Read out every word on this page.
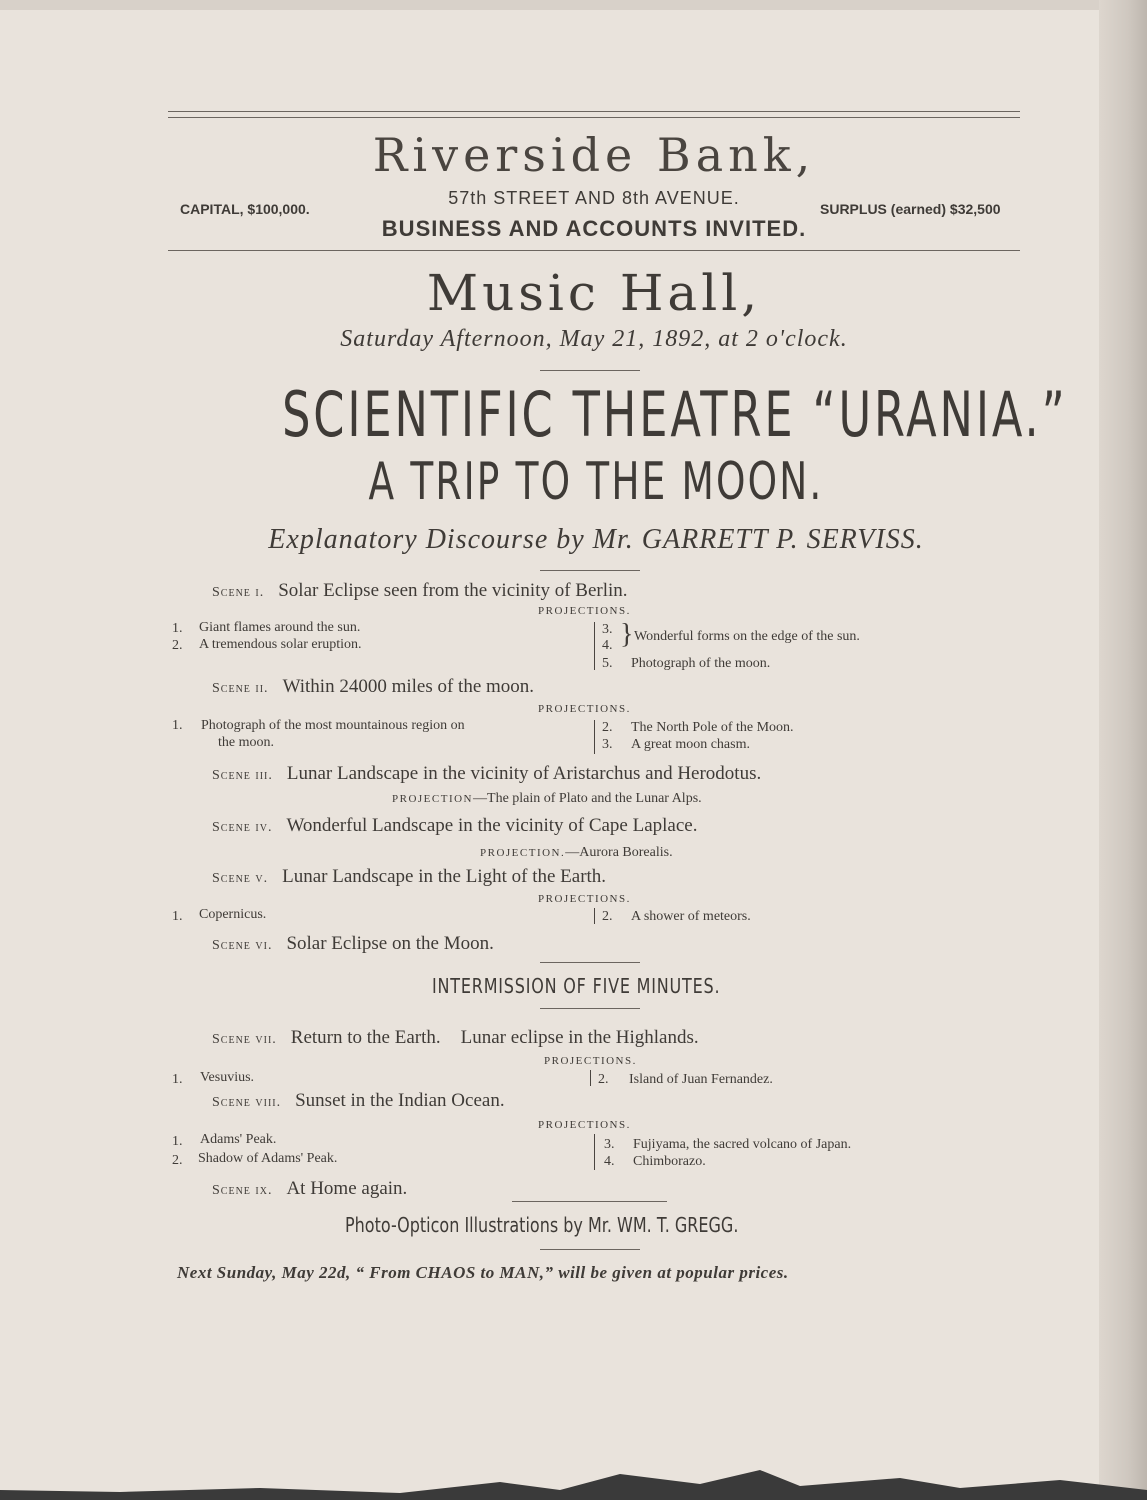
Riverside Bank,
57th STREET AND 8th AVENUE.
CAPITAL, $100,000.	SURPLUS (earned) $32,500
BUSINESS AND ACCOUNTS INVITED.
Music Hall,
Saturday Afternoon, May 21, 1892, at 2 o'clock.
SCIENTIFIC THEATRE “URANIA.”
A TRIP TO THE MOON.
Explanatory Discourse by Mr. GARRETT P. SERVISS.
Scene i. Solar Eclipse seen from the vicinity of Berlin.
PROJECTIONS.
1. Giant flames around the sun.
2. A tremendous solar eruption.
3.
4. } Wonderful forms on the edge of the sun.
5. Photograph of the moon.
Scene ii. Within 24000 miles of the moon.
PROJECTIONS.
1. Photograph of the most mountainous region on
the moon.
2. The North Pole of the Moon.
3. A great moon chasm.
Scene iii. Lunar Landscape in the vicinity of Aristarchus and Herodotus.
PROJECTION—The plain of Plato and the Lunar Alps.
Scene iv. Wonderful Landscape in the vicinity of Cape Laplace.
PROJECTION.—Aurora Borealis.
Scene v. Lunar Landscape in the Light of the Earth.
PROJECTIONS.
1. Copernicus.	2. A shower of meteors.
Scene vi. Solar Eclipse on the Moon.
INTERMISSION OF FIVE MINUTES.
Scene vii. Return to the Earth. Lunar eclipse in the Highlands.
PROJECTIONS.
1. Vesuvius.	2. Island of Juan Fernandez.
Scene viii. Sunset in the Indian Ocean.
PROJECTIONS.
1. Adams' Peak.
2. Shadow of Adams' Peak.
3. Fujiyama, the sacred volcano of Japan.
4. Chimborazo.
Scene ix. At Home again.
Photo-Opticon Illustrations by Mr. WM. T. GREGG.
Next Sunday, May 22d, “ From CHAOS to MAN,” will be given at popular prices.
